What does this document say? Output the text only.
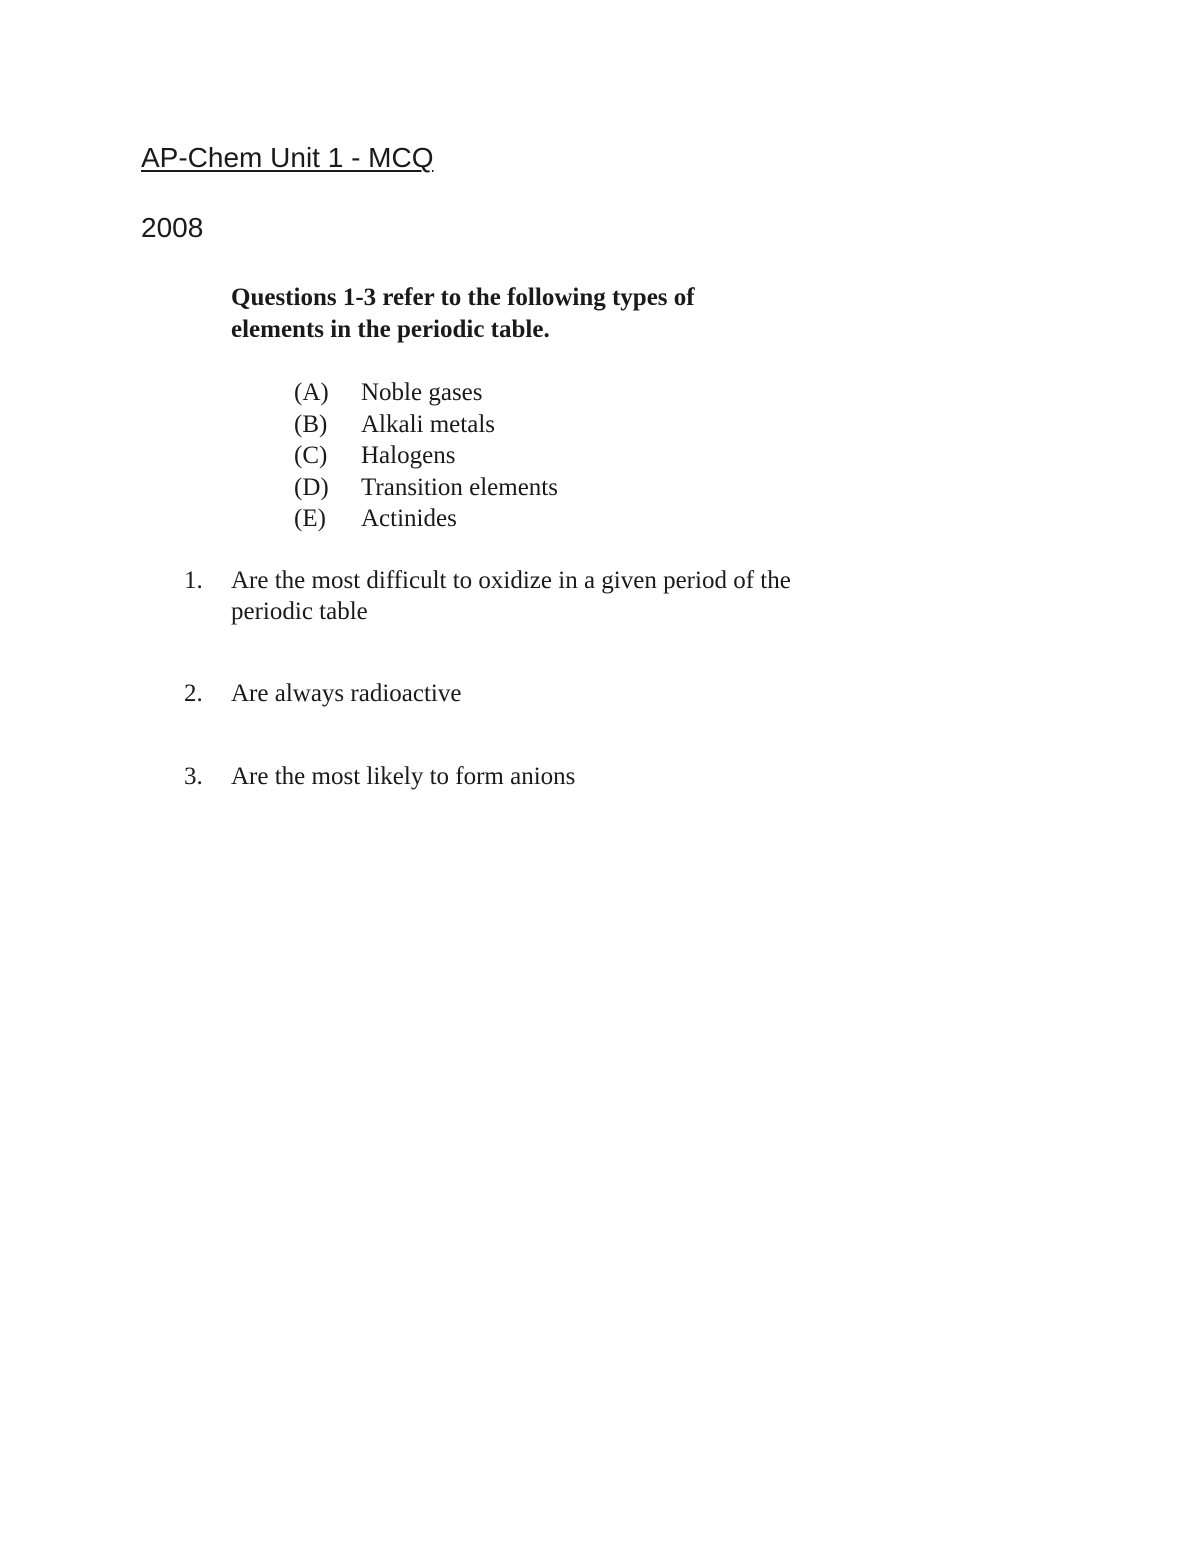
AP-Chem Unit 1 - MCQ
2008

Questions 1-3 refer to the following types of elements in the periodic table.

(A)	Noble gases
(B)	Alkali metals
(C)	Halogens
(D)	Transition elements
(E)	Actinides
1.	Are the most difficult to oxidize in a given period of the periodic table
2.	Are always radioactive
3.	Are the most likely to form anions
